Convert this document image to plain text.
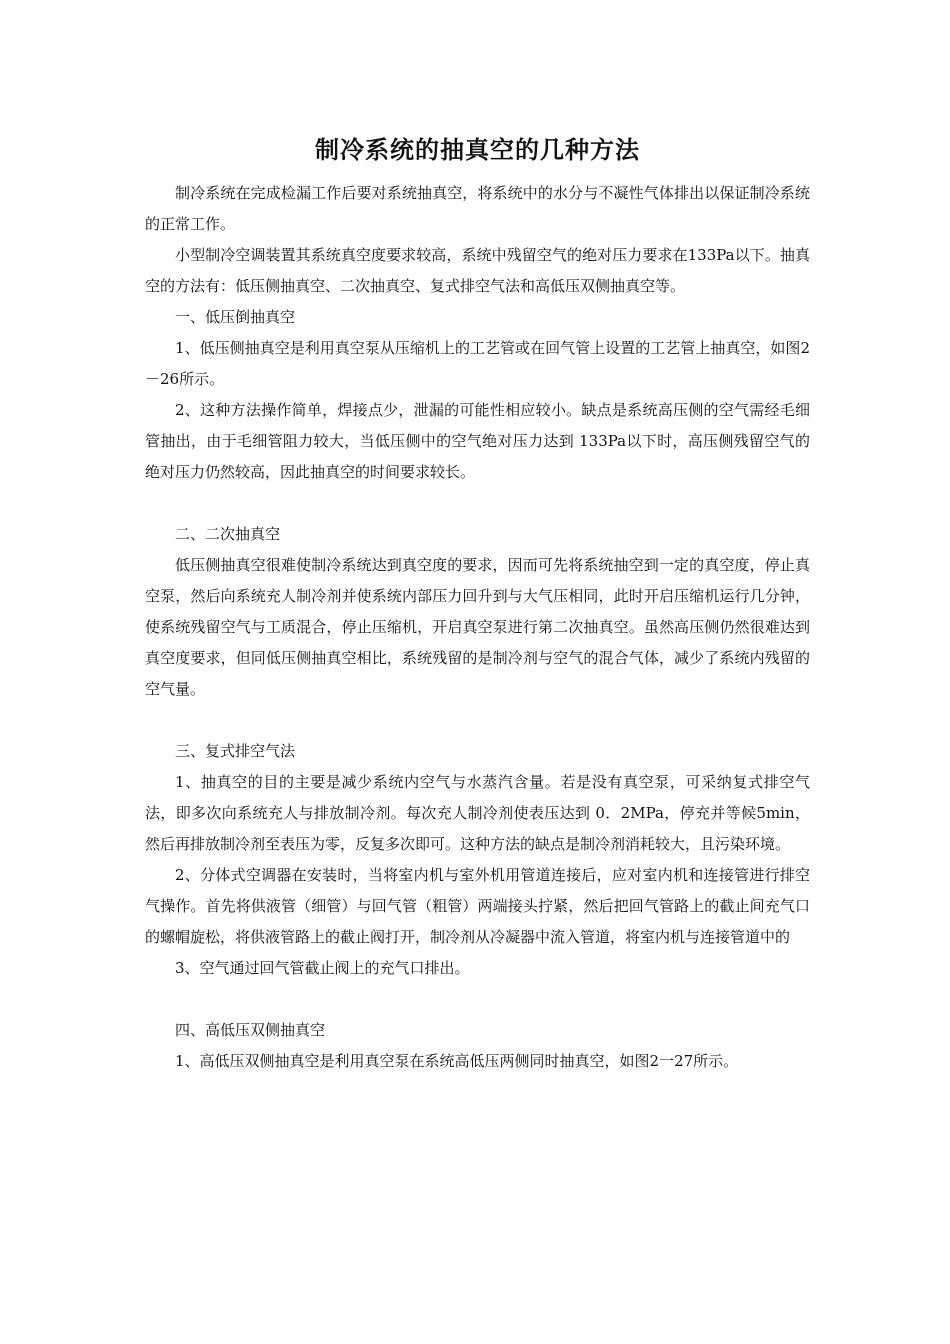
制冷系统的抽真空的几种方法

制冷系统在完成检漏工作后要对系统抽真空，将系统中的水分与不凝性气体排出以保证制冷系统的正常工作。

小型制冷空调装置其系统真空度要求较高，系统中残留空气的绝对压力要求在133Pa以下。抽真空的方法有：低压侧抽真空、二次抽真空、复式排空气法和高低压双侧抽真空等。

一、低压倒抽真空

1、低压侧抽真空是利用真空泵从压缩机上的工艺管或在回气管上设置的工艺管上抽真空，如图2－26所示。

2、这种方法操作简单，焊接点少，泄漏的可能性相应较小。缺点是系统高压侧的空气需经毛细管抽出，由于毛细管阻力较大，当低压侧中的空气绝对压力达到 133Pa以下时，高压侧残留空气的绝对压力仍然较高，因此抽真空的时间要求较长。

二、二次抽真空

低压侧抽真空很难使制冷系统达到真空度的要求，因而可先将系统抽空到一定的真空度，停止真空泵，然后向系统充人制冷剂并使系统内部压力回升到与大气压相同，此时开启压缩机运行几分钟，使系统残留空气与工质混合，停止压缩机，开启真空泵进行第二次抽真空。虽然高压侧仍然很难达到真空度要求，但同低压侧抽真空相比，系统残留的是制冷剂与空气的混合气体，减少了系统内残留的空气量。

三、复式排空气法

1、抽真空的目的主要是减少系统内空气与水蒸汽含量。若是没有真空泵，可采纳复式排空气法，即多次向系统充人与排放制冷剂。每次充人制冷剂使表压达到 0．2MPa，停充并等候5min，然后再排放制冷剂至表压为零，反复多次即可。这种方法的缺点是制冷剂消耗较大，且污染环境。

2、分体式空调器在安装时，当将室内机与室外机用管道连接后，应对室内机和连接管进行排空气操作。首先将供液管（细管）与回气管（粗管）两端接头拧紧，然后把回气管路上的截止间充气口的螺帽旋松，将供液管路上的截止阀打开，制冷剂从冷凝器中流入管道，将室内机与连接管道中的

3、空气通过回气管截止阀上的充气口排出。

四、高低压双侧抽真空

1、高低压双侧抽真空是利用真空泵在系统高低压两侧同时抽真空，如图2一27所示。
